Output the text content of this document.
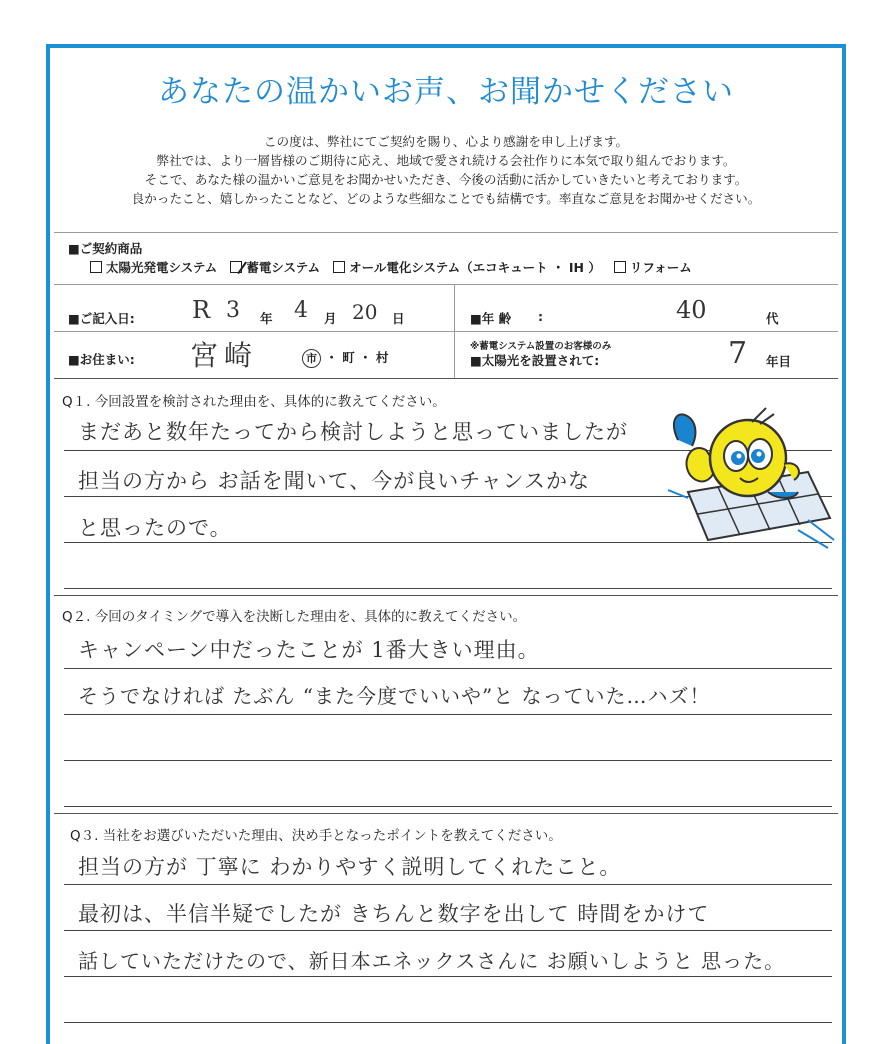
あなたの温かいお声、お聞かせください
この度は、弊社にてご契約を賜り、心より感謝を申し上げます。
弊社では、より一層皆様のご期待に応え、地域で愛され続ける会社作りに本気で取り組んでおります。
そこで、あなた様の温かいご意見をお聞かせいただき、今後の活動に活かしていきたいと考えております。
良かったこと、嬉しかったことなど、どのような些細なことでも結構です。率直なご意見をお聞かせください。
■ご契約商品
太陽光発電システム 蓄電システム オール電化システム（エコキュート ・ IH ） リフォーム
■ご記入日: R 3 年 4 月 20 日	■年 齢 :	40	代
■お住まい: 宮崎	市 ・ 町 ・ 村
※蓄電システム設置のお客様のみ
■太陽光を設置されて:	7 年目
Q１. 今回設置を検討された理由を、具体的に教えてください。
まだあと数年たってから検討しようと思っていましたが
担当の方から お話を聞いて、今が良いチャンスかな
と思ったので。
Q２. 今回のタイミングで導入を決断した理由を、具体的に教えてください。
キャンペーン中だったことが 1番大きい理由。
そうでなければ たぶん “また今度でいいや”と なっていた…ハズ！
Q３. 当社をお選びいただいた理由、決め手となったポイントを教えてください。
担当の方が 丁寧に わかりやすく説明してくれたこと。
最初は、半信半疑でしたが きちんと数字を出して 時間をかけて
話していただけたので、新日本エネックスさんに お願いしようと 思った。
